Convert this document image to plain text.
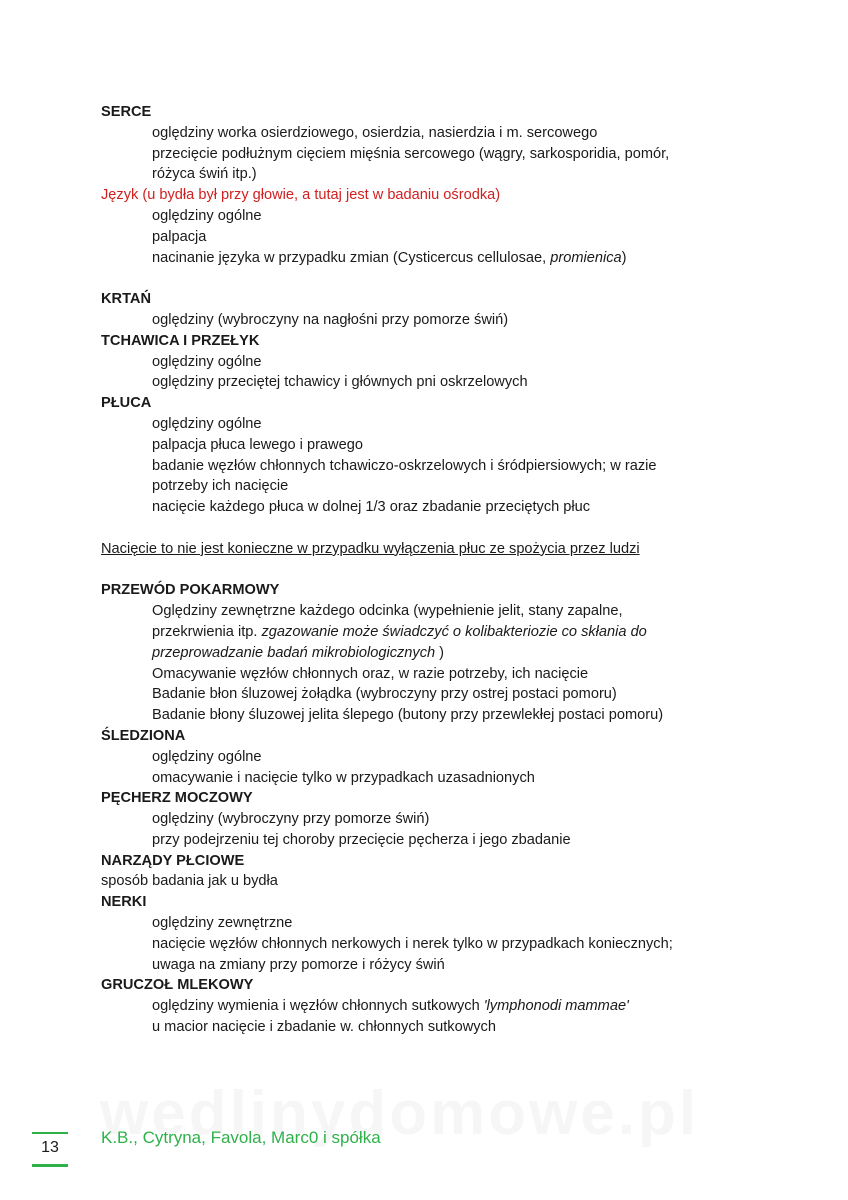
SERCE
oględziny worka osierdziowego, osierdzia, nasierdzia i m. sercowego
przecięcie podłużnym cięciem mięśnia sercowego (wągry, sarkosporidia, pomór,
różyca świń itp.)
Język (u bydła był przy głowie, a tutaj jest w badaniu ośrodka)
oględziny ogólne
palpacja
nacinanie języka w przypadku zmian (Cysticercus cellulosae, promienica)
KRTAŃ
oględziny (wybroczyny na nagłośni przy pomorze świń)
TCHAWICA I PRZEŁYK
oględziny ogólne
oględziny przeciętej tchawicy i głównych pni oskrzelowych
PŁUCA
oględziny ogólne
palpacja płuca lewego i prawego
badanie węzłów chłonnych tchawiczo-oskrzelowych i śródpiersiowych; w razie
potrzeby ich nacięcie
nacięcie każdego płuca w dolnej 1/3 oraz zbadanie przeciętych płuc
Nacięcie to nie jest konieczne w przypadku wyłączenia płuc ze spożycia przez ludzi
PRZEWÓD POKARMOWY
Oględziny zewnętrzne każdego odcinka (wypełnienie jelit, stany zapalne,
przekrwienia itp. zgazowanie może świadczyć o kolibakteriozie co skłania do
przeprowadzanie badań mikrobiologicznych )
Omacywanie węzłów chłonnych oraz, w razie potrzeby, ich nacięcie
Badanie błon śluzowej żołądka (wybroczyny przy ostrej postaci pomoru)
Badanie błony śluzowej jelita ślepego (butony przy przewlekłej postaci pomoru)
ŚLEDZIONA
oględziny ogólne
omacywanie i nacięcie tylko w przypadkach uzasadnionych
PĘCHERZ MOCZOWY
oględziny (wybroczyny przy pomorze świń)
przy podejrzeniu tej choroby przecięcie pęcherza i jego zbadanie
NARZĄDY PŁCIOWE
sposób badania jak u bydła
NERKI
oględziny zewnętrzne
nacięcie węzłów chłonnych nerkowych i nerek tylko w przypadkach koniecznych;
uwaga na zmiany przy pomorze i różycy świń
GRUCZOŁ MLEKOWY
oględziny wymienia i węzłów chłonnych sutkowych 'lymphonodi mammae'
u macior nacięcie i zbadanie w. chłonnych sutkowych
13
K.B., Cytryna, Favola, Marc0 i spółka
